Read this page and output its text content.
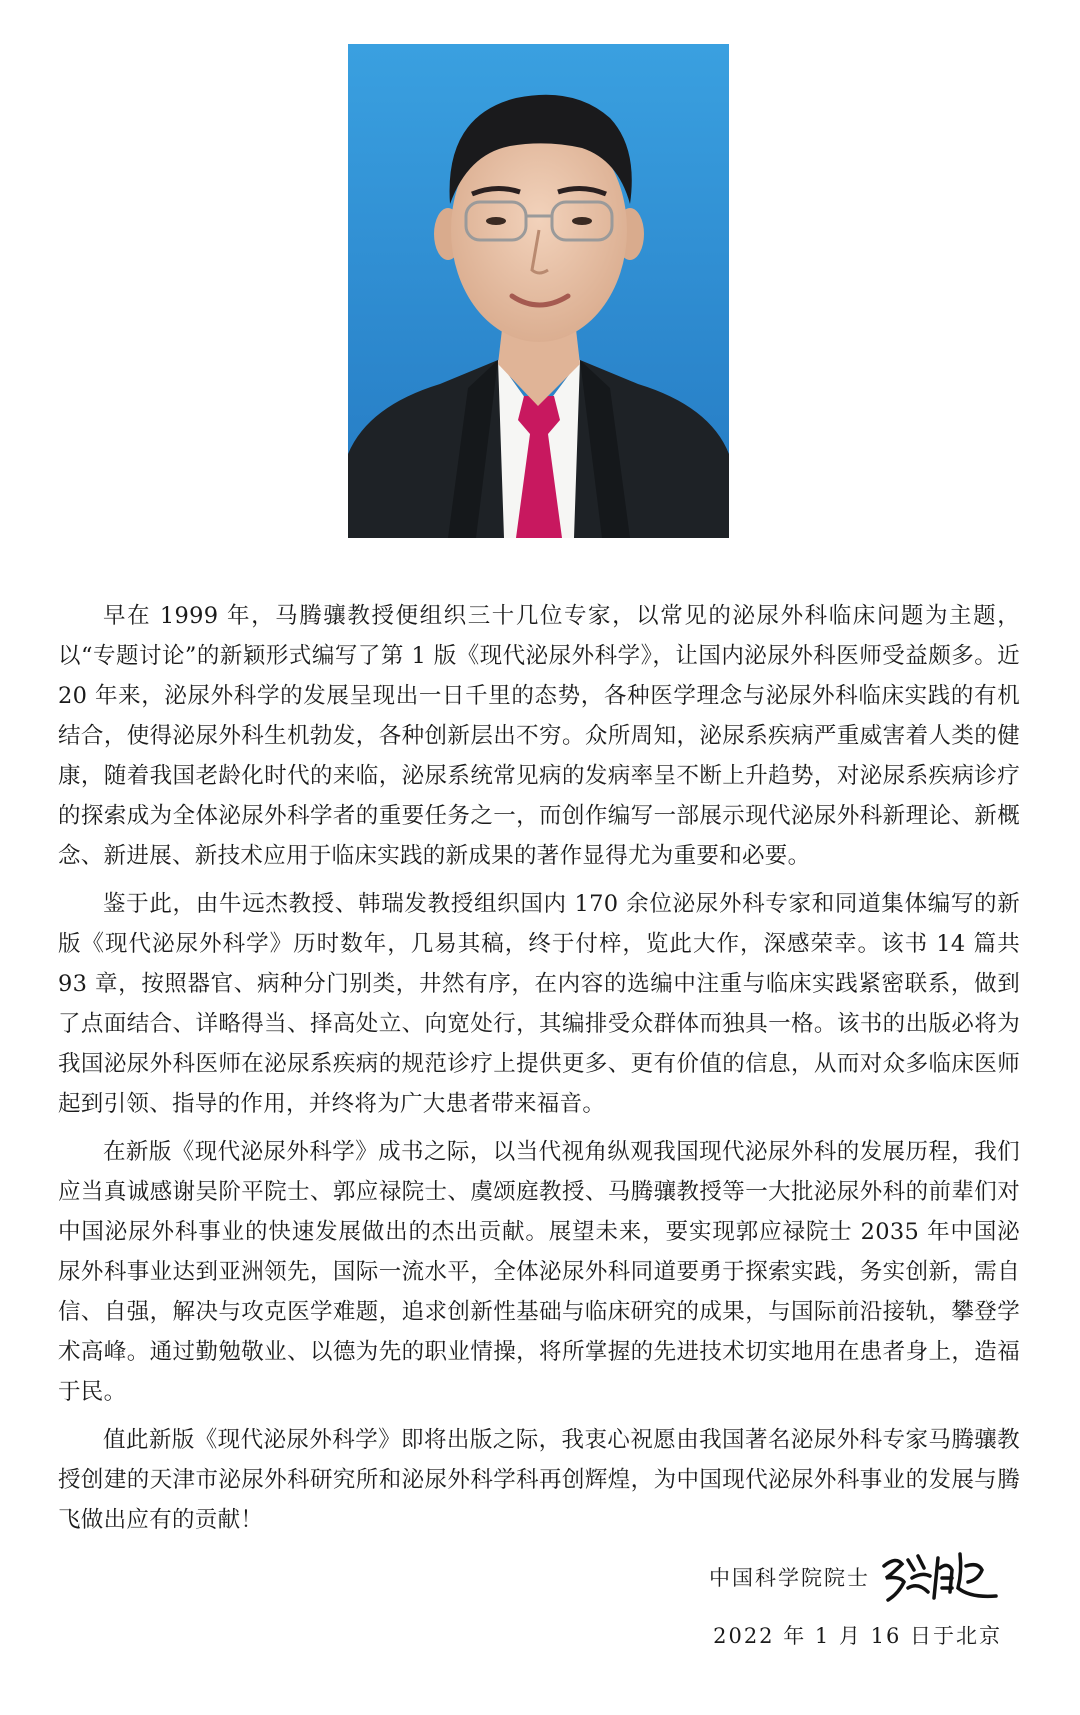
早在 1999 年，马腾骧教授便组织三十几位专家，以常见的泌尿外科临床问题为主题，以“专题讨论”的新颖形式编写了第 1 版《现代泌尿外科学》，让国内泌尿外科医师受益颇多。近 20 年来，泌尿外科学的发展呈现出一日千里的态势，各种医学理念与泌尿外科临床实践的有机结合，使得泌尿外科生机勃发，各种创新层出不穷。众所周知，泌尿系疾病严重威害着人类的健康，随着我国老龄化时代的来临，泌尿系统常见病的发病率呈不断上升趋势，对泌尿系疾病诊疗的探索成为全体泌尿外科学者的重要任务之一，而创作编写一部展示现代泌尿外科新理论、新概念、新进展、新技术应用于临床实践的新成果的著作显得尤为重要和必要。

鉴于此，由牛远杰教授、韩瑞发教授组织国内 170 余位泌尿外科专家和同道集体编写的新版《现代泌尿外科学》历时数年，几易其稿，终于付梓，览此大作，深感荣幸。该书 14 篇共 93 章，按照器官、病种分门别类，井然有序，在内容的选编中注重与临床实践紧密联系，做到了点面结合、详略得当、择高处立、向宽处行，其编排受众群体而独具一格。该书的出版必将为我国泌尿外科医师在泌尿系疾病的规范诊疗上提供更多、更有价值的信息，从而对众多临床医师起到引领、指导的作用，并终将为广大患者带来福音。

在新版《现代泌尿外科学》成书之际，以当代视角纵观我国现代泌尿外科的发展历程，我们应当真诚感谢吴阶平院士、郭应禄院士、虞颂庭教授、马腾骧教授等一大批泌尿外科的前辈们对中国泌尿外科事业的快速发展做出的杰出贡献。展望未来，要实现郭应禄院士 2035 年中国泌尿外科事业达到亚洲领先，国际一流水平，全体泌尿外科同道要勇于探索实践，务实创新，需自信、自强，解决与攻克医学难题，追求创新性基础与临床研究的成果，与国际前沿接轨，攀登学术高峰。通过勤勉敬业、以德为先的职业情操，将所掌握的先进技术切实地用在患者身上，造福于民。

值此新版《现代泌尿外科学》即将出版之际，我衷心祝愿由我国著名泌尿外科专家马腾骧教授创建的天津市泌尿外科研究所和泌尿外科学科再创辉煌，为中国现代泌尿外科事业的发展与腾飞做出应有的贡献！

中国科学院院士
2022 年 1 月 16 日于北京
